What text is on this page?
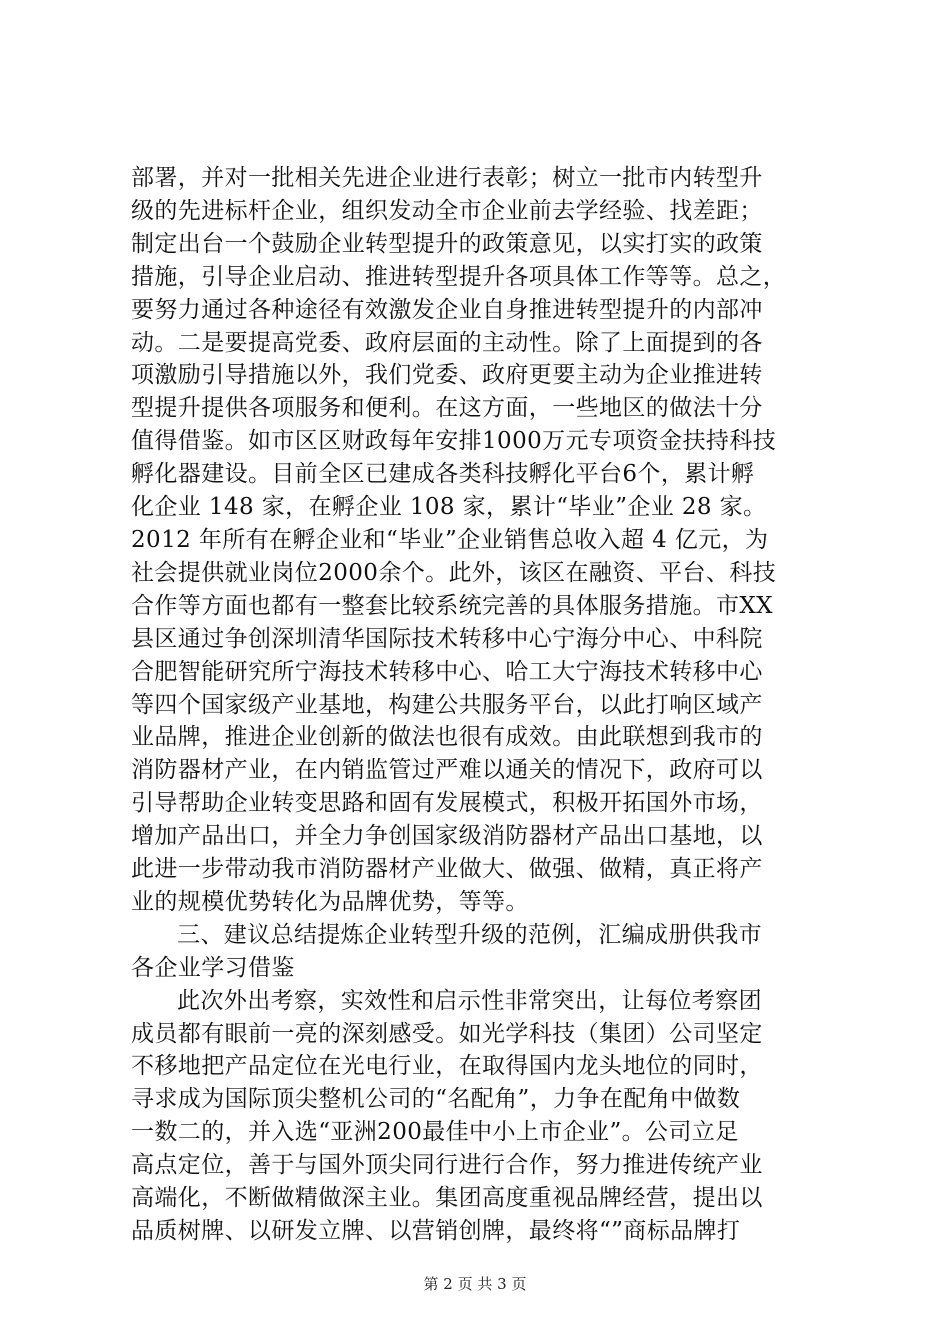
部署，并对一批相关先进企业进行表彰；树立一批市内转型升

级的先进标杆企业，组织发动全市企业前去学经验、找差距；

制定出台一个鼓励企业转型提升的政策意见，以实打实的政策

措施，引导企业启动、推进转型提升各项具体工作等等。总之，

要努力通过各种途径有效激发企业自身推进转型提升的内部冲

动。二是要提高党委、政府层面的主动性。除了上面提到的各

项激励引导措施以外，我们党委、政府更要主动为企业推进转

型提升提供各项服务和便利。在这方面，一些地区的做法十分

值得借鉴。如市区区财政每年安排1000万元专项资金扶持科技

孵化器建设。目前全区已建成各类科技孵化平台6个，累计孵

化企业 148 家，在孵企业 108 家，累计“毕业”企业 28 家。

2012 年所有在孵企业和“毕业”企业销售总收入超 4 亿元，为

社会提供就业岗位2000余个。此外，该区在融资、平台、科技

合作等方面也都有一整套比较系统完善的具体服务措施。市XX

县区通过争创深圳清华国际技术转移中心宁海分中心、中科院

合肥智能研究所宁海技术转移中心、哈工大宁海技术转移中心

等四个国家级产业基地，构建公共服务平台，以此打响区域产

业品牌，推进企业创新的做法也很有成效。由此联想到我市的

消防器材产业，在内销监管过严难以通关的情况下，政府可以

引导帮助企业转变思路和固有发展模式，积极开拓国外市场，

增加产品出口，并全力争创国家级消防器材产品出口基地，以

此进一步带动我市消防器材产业做大、做强、做精，真正将产

业的规模优势转化为品牌优势，等等。

三、建议总结提炼企业转型升级的范例，汇编成册供我市

各企业学习借鉴

此次外出考察，实效性和启示性非常突出，让每位考察团

成员都有眼前一亮的深刻感受。如光学科技（集团）公司坚定

不移地把产品定位在光电行业，在取得国内龙头地位的同时，

寻求成为国际顶尖整机公司的“名配角”，力争在配角中做数

一数二的，并入选“亚洲200最佳中小上市企业”。公司立足

高点定位，善于与国外顶尖同行进行合作，努力推进传统产业

高端化，不断做精做深主业。集团高度重视品牌经营，提出以

品质树牌、以研发立牌、以营销创牌，最终将“”商标品牌打

第 2 页 共 3 页
